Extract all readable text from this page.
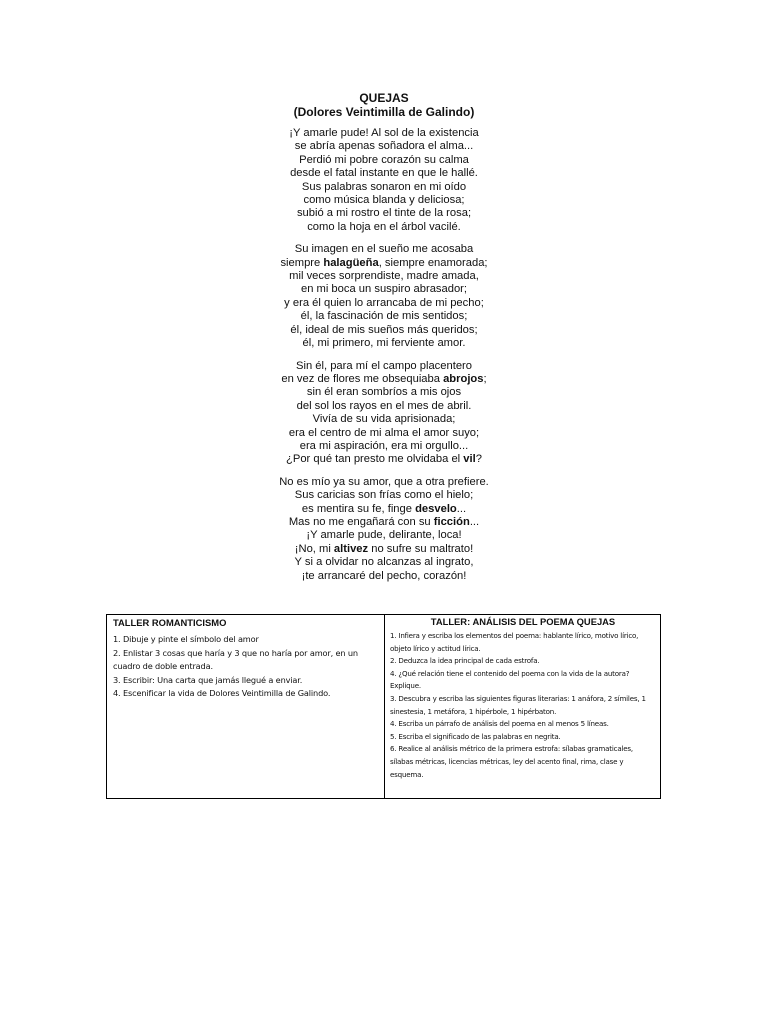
QUEJAS
(Dolores Veintimilla de Galindo)
¡Y amarle pude! Al sol de la existencia
se abría apenas soñadora el alma...
Perdió mi pobre corazón su calma
desde el fatal instante en que le hallé.
Sus palabras sonaron en mi oído
como música blanda y deliciosa;
subió a mi rostro el tinte de la rosa;
como la hoja en el árbol vacilé.
Su imagen en el sueño me acosaba
siempre halagüeña, siempre enamorada;
mil veces sorprendiste, madre amada,
en mi boca un suspiro abrasador;
y era él quien lo arrancaba de mi pecho;
él, la fascinación de mis sentidos;
él, ideal de mis sueños más queridos;
él, mi primero, mi ferviente amor.
Sin él, para mí el campo placentero
en vez de flores me obsequiaba abrojos;
sin él eran sombríos a mis ojos
del sol los rayos en el mes de abril.
Vivía de su vida aprisionada;
era el centro de mi alma el amor suyo;
era mi aspiración, era mi orgullo...
¿Por qué tan presto me olvidaba el vil?
No es mío ya su amor, que a otra prefiere.
Sus caricias son frías como el hielo;
es mentira su fe, finge desvelo...
Mas no me engañará con su ficción...
¡Y amarle pude, delirante, loca!
¡No, mi altivez no sufre su maltrato!
Y si a olvidar no alcanzas al ingrato,
¡te arrancaré del pecho, corazón!
TALLER ROMANTICISMO
1. Dibuje y pinte el símbolo del amor
2. Enlistar 3 cosas que haría y 3 que no haría por amor, en un cuadro de doble entrada.
3. Escribir: Una carta que jamás llegué a enviar.
4. Escenificar la vida de Dolores Veintimilla de Galindo.
TALLER: ANÁLISIS DEL POEMA QUEJAS
1. Infiera y escriba los elementos del poema: hablante lírico, motivo lírico, objeto lírico y actitud lírica.
2. Deduzca la idea principal de cada estrofa.
4. ¿Qué relación tiene el contenido del poema con la vida de la autora? Explique.
3. Descubra y escriba las siguientes figuras literarias: 1 anáfora, 2 símiles, 1 sinestesia, 1 metáfora, 1 hipérbole, 1 hipérbaton.
4. Escriba un párrafo de análisis del poema en al menos 5 líneas.
5. Escriba el significado de las palabras en negrita.
6. Realice al análisis métrico de la primera estrofa: sílabas gramaticales, sílabas métricas, licencias métricas, ley del acento final, rima, clase y esquema.
